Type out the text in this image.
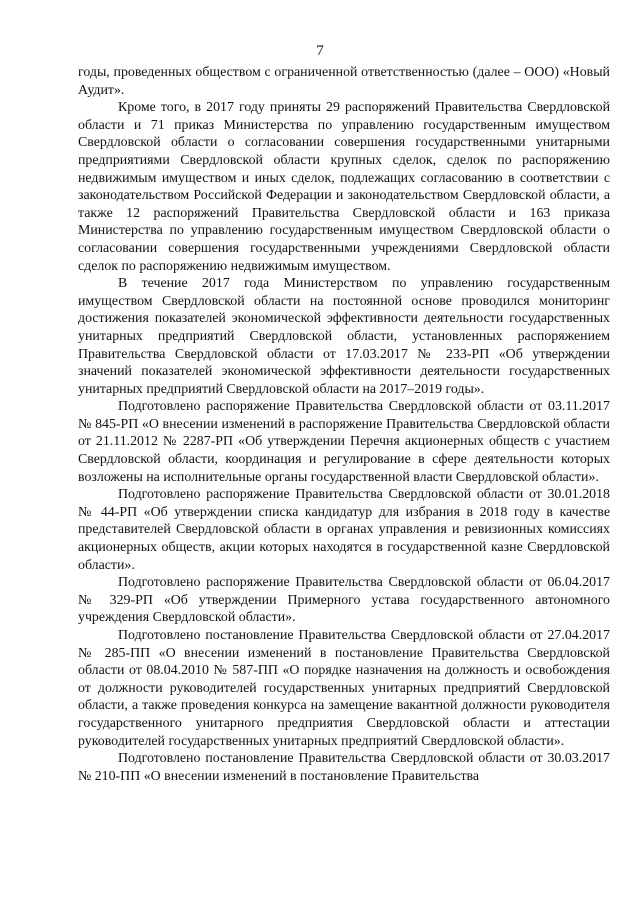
7

годы, проведенных обществом с ограниченной ответственностью (далее – ООО) «Новый Аудит».

Кроме того, в 2017 году приняты 29 распоряжений Правительства Свердловской области и 71 приказ Министерства по управлению государственным имуществом Свердловской области о согласовании совершения государственными унитарными предприятиями Свердловской области крупных сделок, сделок по распоряжению недвижимым имуществом и иных сделок, подлежащих согласованию в соответствии с законодательством Российской Федерации и законодательством Свердловской области, а также 12 распоряжений Правительства Свердловской области и 163 приказа Министерства по управлению государственным имуществом Свердловской области о согласовании совершения государственными учреждениями Свердловской области сделок по распоряжению недвижимым имуществом.

В течение 2017 года Министерством по управлению государственным имуществом Свердловской области на постоянной основе проводился мониторинг достижения показателей экономической эффективности деятельности государственных унитарных предприятий Свердловской области, установленных распоряжением Правительства Свердловской области от 17.03.2017 № 233-РП «Об утверждении значений показателей экономической эффективности деятельности государственных унитарных предприятий Свердловской области на 2017–2019 годы».

Подготовлено распоряжение Правительства Свердловской области от 03.11.2017 № 845-РП «О внесении изменений в распоряжение Правительства Свердловской области от 21.11.2012 № 2287-РП «Об утверждении Перечня акционерных обществ с участием Свердловской области, координация и регулирование в сфере деятельности которых возложены на исполнительные органы государственной власти Свердловской области».

Подготовлено распоряжение Правительства Свердловской области от 30.01.2018 № 44-РП «Об утверждении списка кандидатур для избрания в 2018 году в качестве представителей Свердловской области в органах управления и ревизионных комиссиях акционерных обществ, акции которых находятся в государственной казне Свердловской области».

Подготовлено распоряжение Правительства Свердловской области от 06.04.2017 № 329-РП «Об утверждении Примерного устава государственного автономного учреждения Свердловской области».

Подготовлено постановление Правительства Свердловской области от 27.04.2017 № 285-ПП «О внесении изменений в постановление Правительства Свердловской области от 08.04.2010 № 587-ПП «О порядке назначения на должность и освобождения от должности руководителей государственных унитарных предприятий Свердловской области, а также проведения конкурса на замещение вакантной должности руководителя государственного унитарного предприятия Свердловской области и аттестации руководителей государственных унитарных предприятий Свердловской области».

Подготовлено постановление Правительства Свердловской области от 30.03.2017 № 210-ПП «О внесении изменений в постановление Правительства
